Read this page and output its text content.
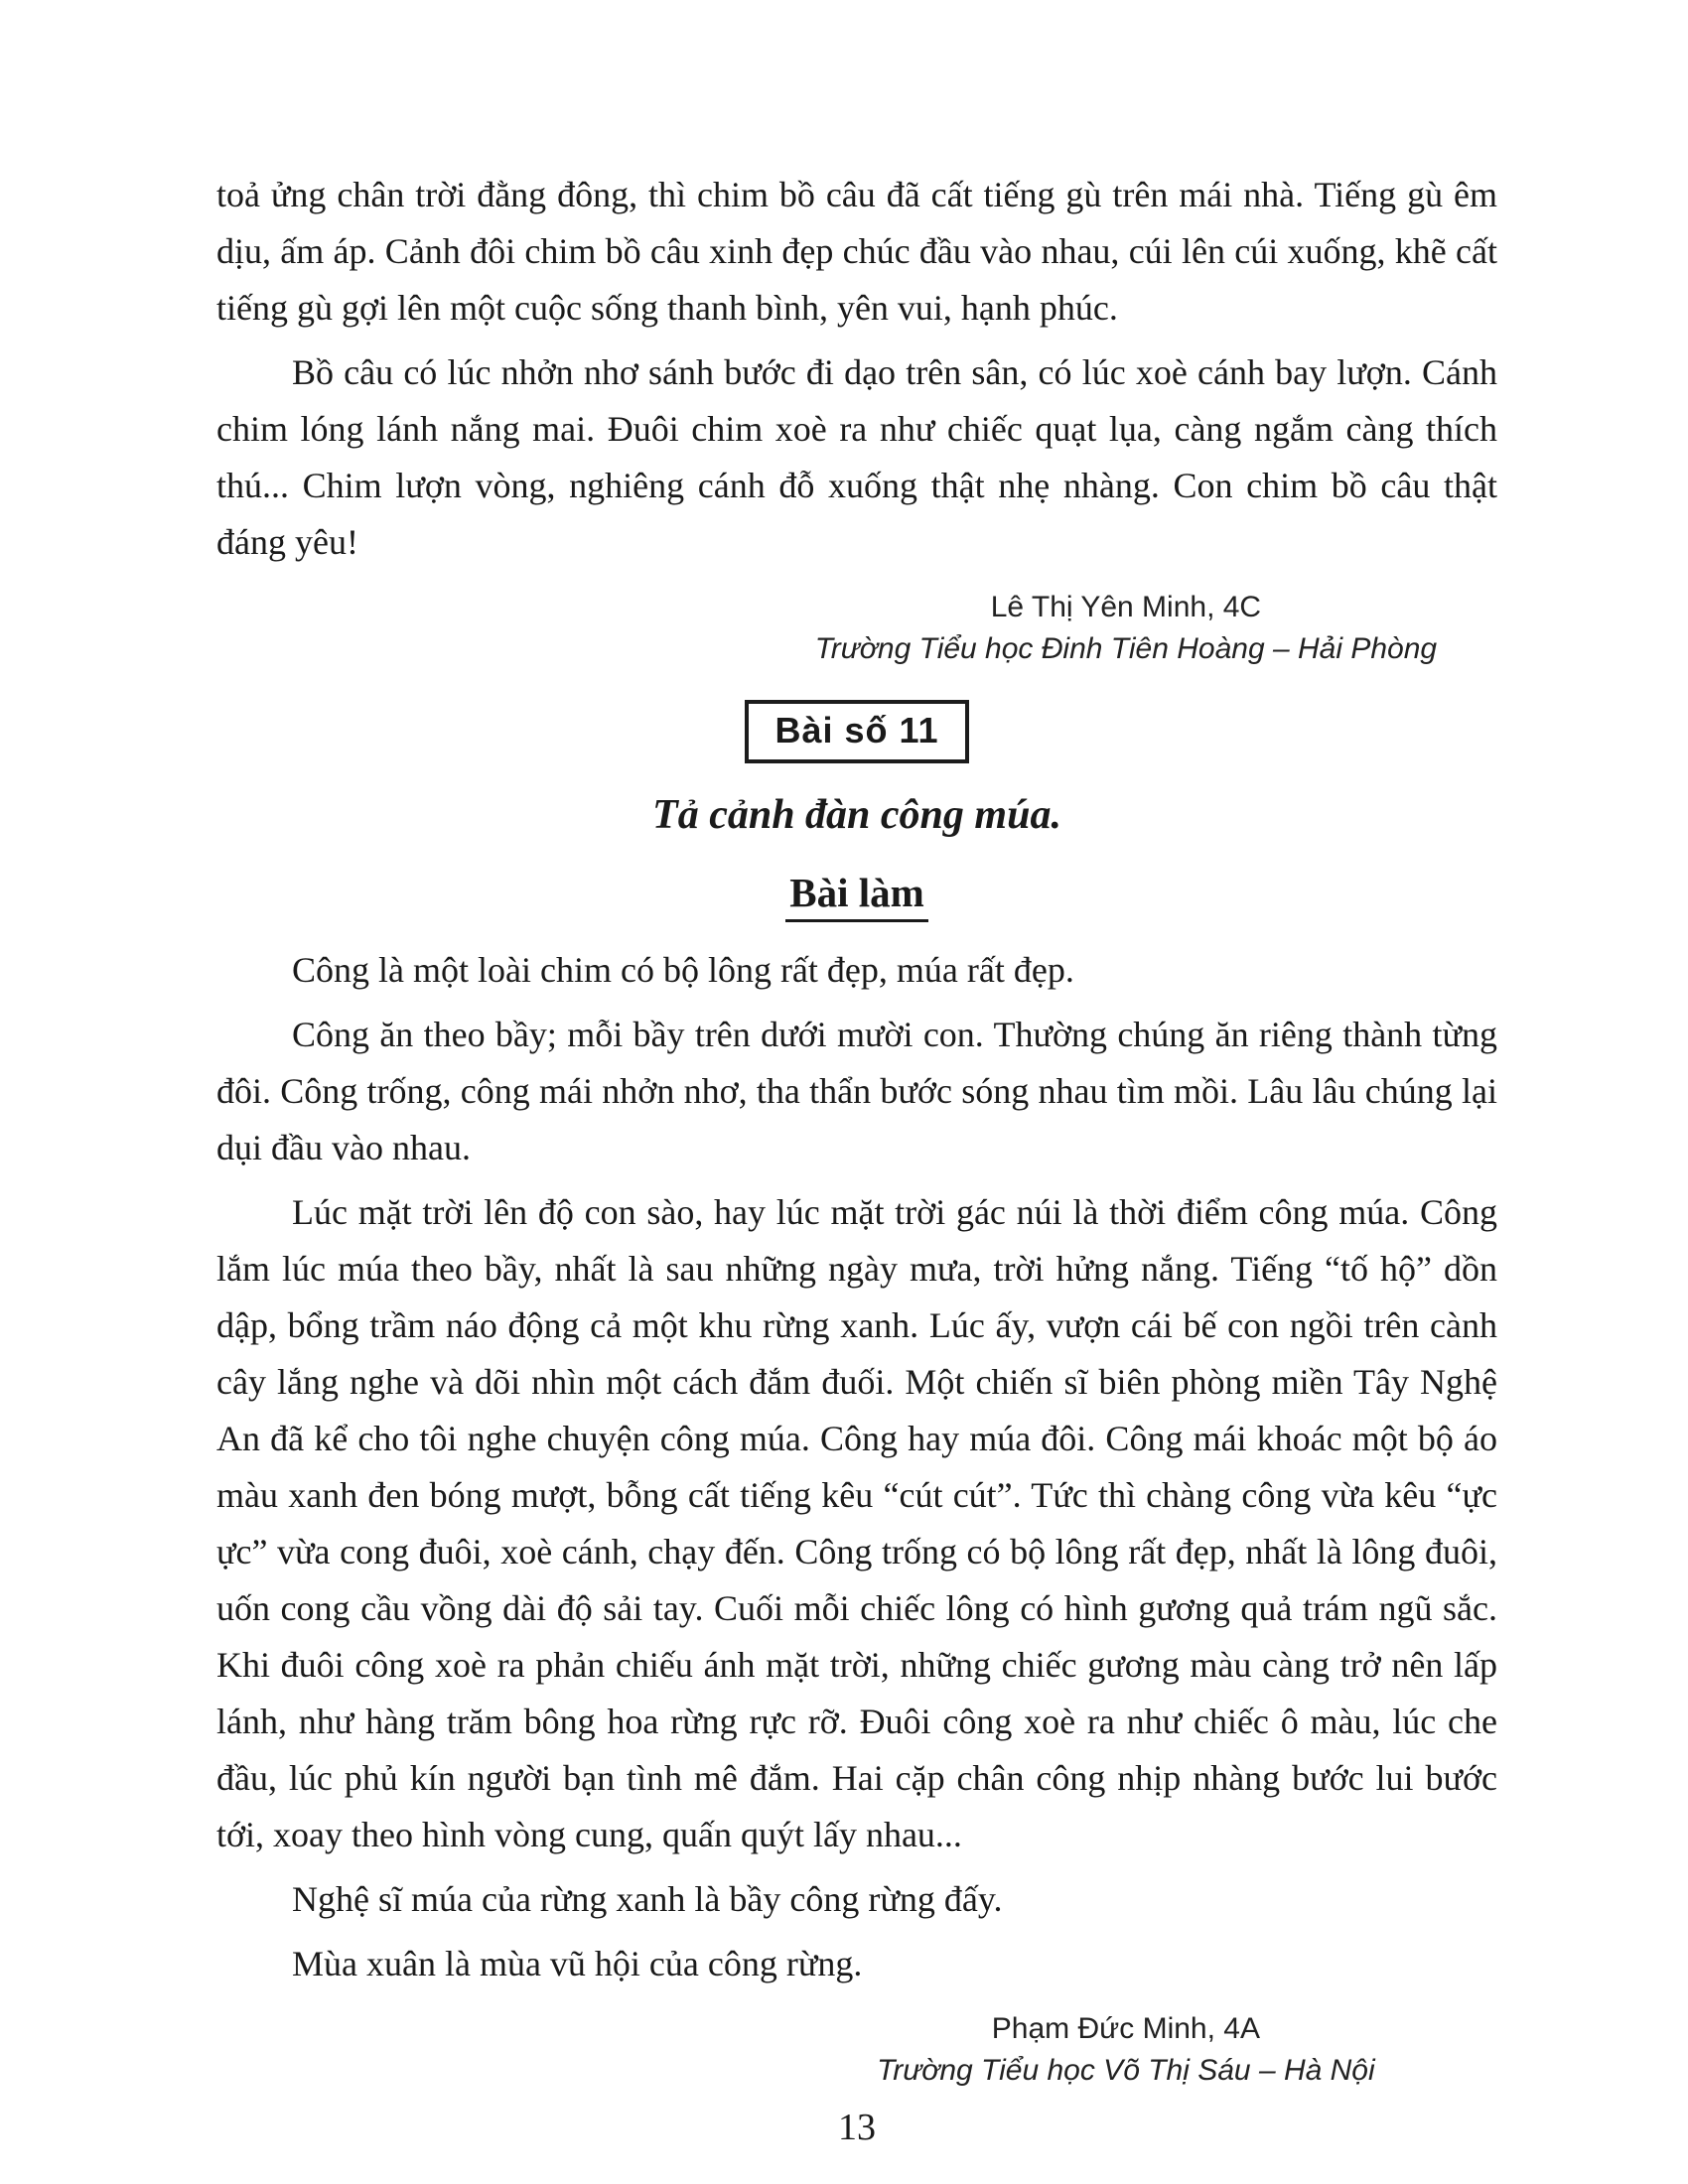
toả ửng chân trời đằng đông, thì chim bồ câu đã cất tiếng gù trên mái nhà. Tiếng gù êm dịu, ấm áp. Cảnh đôi chim bồ câu xinh đẹp chúc đầu vào nhau, cúi lên cúi xuống, khẽ cất tiếng gù gợi lên một cuộc sống thanh bình, yên vui, hạnh phúc.

Bồ câu có lúc nhởn nhơ sánh bước đi dạo trên sân, có lúc xoè cánh bay lượn. Cánh chim lóng lánh nắng mai. Đuôi chim xoè ra như chiếc quạt lụa, càng ngắm càng thích thú... Chim lượn vòng, nghiêng cánh đỗ xuống thật nhẹ nhàng. Con chim bồ câu thật đáng yêu!

Lê Thị Yên Minh, 4C
Trường Tiểu học Đinh Tiên Hoàng – Hải Phòng
Bài số 11
Tả cảnh đàn công múa.
Bài làm

Công là một loài chim có bộ lông rất đẹp, múa rất đẹp.

Công ăn theo bầy; mỗi bầy trên dưới mười con. Thường chúng ăn riêng thành từng đôi. Công trống, công mái nhởn nhơ, tha thẩn bước sóng nhau tìm mồi. Lâu lâu chúng lại dụi đầu vào nhau.

Lúc mặt trời lên độ con sào, hay lúc mặt trời gác núi là thời điểm công múa. Công lắm lúc múa theo bầy, nhất là sau những ngày mưa, trời hửng nắng. Tiếng “tố hộ” dồn dập, bổng trầm náo động cả một khu rừng xanh. Lúc ấy, vượn cái bế con ngồi trên cành cây lắng nghe và dõi nhìn một cách đắm đuối. Một chiến sĩ biên phòng miền Tây Nghệ An đã kể cho tôi nghe chuyện công múa. Công hay múa đôi. Công mái khoác một bộ áo màu xanh đen bóng mượt, bỗng cất tiếng kêu “cút cút”. Tức thì chàng công vừa kêu “ực ực” vừa cong đuôi, xoè cánh, chạy đến. Công trống có bộ lông rất đẹp, nhất là lông đuôi, uốn cong cầu vồng dài độ sải tay. Cuối mỗi chiếc lông có hình gương quả trám ngũ sắc. Khi đuôi công xoè ra phản chiếu ánh mặt trời, những chiếc gương màu càng trở nên lấp lánh, như hàng trăm bông hoa rừng rực rỡ. Đuôi công xoè ra như chiếc ô màu, lúc che đầu, lúc phủ kín người bạn tình mê đắm. Hai cặp chân công nhịp nhàng bước lui bước tới, xoay theo hình vòng cung, quấn quýt lấy nhau...

Nghệ sĩ múa của rừng xanh là bầy công rừng đấy.

Mùa xuân là mùa vũ hội của công rừng.

Phạm Đức Minh, 4A
Trường Tiểu học Võ Thị Sáu – Hà Nội
13
